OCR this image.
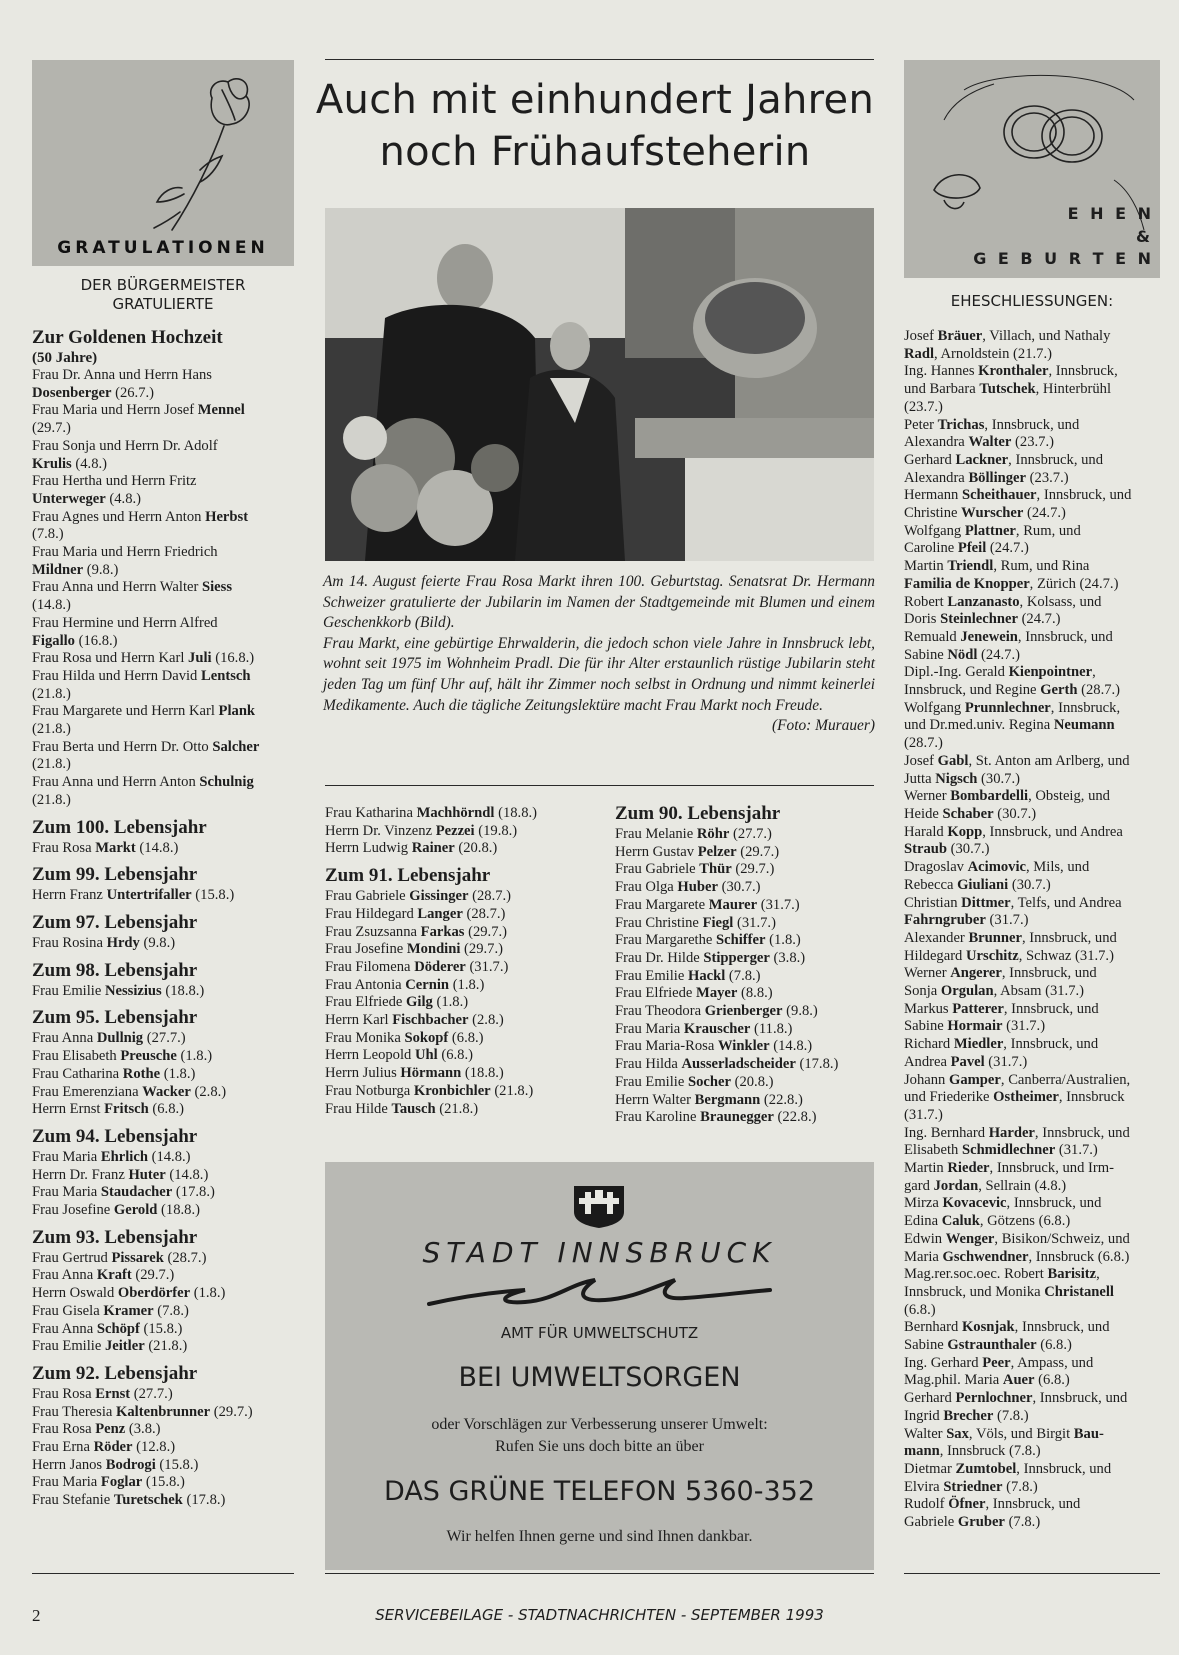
GRATULATIONEN
DER BÜRGERMEISTER
GRATULIERTE
E H E N
&
G E B U R T E N
EHESCHLIESSUNGEN:
Auch mit einhundert Jahren
noch Frühaufsteherin

Am 14. August feierte Frau Rosa Markt ihren 100. Geburtstag. Senatsrat Dr. Hermann Schweizer gratulierte der Jubilarin im Namen der Stadtgemeinde mit Blumen und einem Geschenkkorb (Bild).

Frau Markt, eine gebürtige Ehrwalderin, die jedoch schon viele Jahre in Innsbruck lebt, wohnt seit 1975 im Wohnheim Pradl. Die für ihr Alter erstaunlich rüstige Jubilarin steht jeden Tag um fünf Uhr auf, hält ihr Zimmer noch selbst in Ordnung und nimmt keinerlei Medikamente. Auch die tägliche Zeitungslektüre macht Frau Markt noch Freude.
(Foto: Murauer)

Zur Goldenen Hochzeit
(50 Jahre)
Frau Dr. Anna und Herrn Hans
Dosenberger (26.7.)
Frau Maria und Herrn Josef Mennel
(29.7.)
Frau Sonja und Herrn Dr. Adolf
Krulis (4.8.)
Frau Hertha und Herrn Fritz
Unterweger (4.8.)
Frau Agnes und Herrn Anton Herbst
(7.8.)
Frau Maria und Herrn Friedrich
Mildner (9.8.)
Frau Anna und Herrn Walter Siess
(14.8.)
Frau Hermine und Herrn Alfred
Figallo (16.8.)
Frau Rosa und Herrn Karl Juli (16.8.)
Frau Hilda und Herrn David Lentsch
(21.8.)
Frau Margarete und Herrn Karl Plank
(21.8.)
Frau Berta und Herrn Dr. Otto Salcher
(21.8.)
Frau Anna und Herrn Anton Schulnig
(21.8.)
Zum 100. Lebensjahr
Frau Rosa Markt (14.8.)
Zum 99. Lebensjahr
Herrn Franz Untertrifaller (15.8.)
Zum 97. Lebensjahr
Frau Rosina Hrdy (9.8.)
Zum 98. Lebensjahr
Frau Emilie Nessizius (18.8.)
Zum 95. Lebensjahr
Frau Anna Dullnig (27.7.)
Frau Elisabeth Preusche (1.8.)
Frau Catharina Rothe (1.8.)
Frau Emerenziana Wacker (2.8.)
Herrn Ernst Fritsch (6.8.)
Zum 94. Lebensjahr
Frau Maria Ehrlich (14.8.)
Herrn Dr. Franz Huter (14.8.)
Frau Maria Staudacher (17.8.)
Frau Josefine Gerold (18.8.)
Zum 93. Lebensjahr
Frau Gertrud Pissarek (28.7.)
Frau Anna Kraft (29.7.)
Herrn Oswald Oberdörfer (1.8.)
Frau Gisela Kramer (7.8.)
Frau Anna Schöpf (15.8.)
Frau Emilie Jeitler (21.8.)
Zum 92. Lebensjahr
Frau Rosa Ernst (27.7.)
Frau Theresia Kaltenbrunner (29.7.)
Frau Rosa Penz (3.8.)
Frau Erna Röder (12.8.)
Herrn Janos Bodrogi (15.8.)
Frau Maria Foglar (15.8.)
Frau Stefanie Turetschek (17.8.)
Frau Katharina Machhörndl (18.8.)
Herrn Dr. Vinzenz Pezzei (19.8.)
Herrn Ludwig Rainer (20.8.)
Zum 91. Lebensjahr
Frau Gabriele Gissinger (28.7.)
Frau Hildegard Langer (28.7.)
Frau Zsuzsanna Farkas (29.7.)
Frau Josefine Mondini (29.7.)
Frau Filomena Döderer (31.7.)
Frau Antonia Cernin (1.8.)
Frau Elfriede Gilg (1.8.)
Herrn Karl Fischbacher (2.8.)
Frau Monika Sokopf (6.8.)
Herrn Leopold Uhl (6.8.)
Herrn Julius Hörmann (18.8.)
Frau Notburga Kronbichler (21.8.)
Frau Hilde Tausch (21.8.)
Zum 90. Lebensjahr
Frau Melanie Röhr (27.7.)
Herrn Gustav Pelzer (29.7.)
Frau Gabriele Thür (29.7.)
Frau Olga Huber (30.7.)
Frau Margarete Maurer (31.7.)
Frau Christine Fiegl (31.7.)
Frau Margarethe Schiffer (1.8.)
Frau Dr. Hilde Stipperger (3.8.)
Frau Emilie Hackl (7.8.)
Frau Elfriede Mayer (8.8.)
Frau Theodora Grienberger (9.8.)
Frau Maria Krauscher (11.8.)
Frau Maria-Rosa Winkler (14.8.)
Frau Hilda Ausserladscheider (17.8.)
Frau Emilie Socher (20.8.)
Herrn Walter Bergmann (22.8.)
Frau Karoline Braunegger (22.8.)
Josef Bräuer, Villach, und Nathaly
Radl, Arnoldstein (21.7.)
Ing. Hannes Kronthaler, Innsbruck,
und Barbara Tutschek, Hinterbrühl
(23.7.)
Peter Trichas, Innsbruck, und
Alexandra Walter (23.7.)
Gerhard Lackner, Innsbruck, und
Alexandra Böllinger (23.7.)
Hermann Scheithauer, Innsbruck, und
Christine Wurscher (24.7.)
Wolfgang Plattner, Rum, und
Caroline Pfeil (24.7.)
Martin Triendl, Rum, und Rina
Familia de Knopper, Zürich (24.7.)
Robert Lanzanasto, Kolsass, und
Doris Steinlechner (24.7.)
Remuald Jenewein, Innsbruck, und
Sabine Nödl (24.7.)
Dipl.-Ing. Gerald Kienpointner,
Innsbruck, und Regine Gerth (28.7.)
Wolfgang Prunnlechner, Innsbruck,
und Dr.med.univ. Regina Neumann
(28.7.)
Josef Gabl, St. Anton am Arlberg, und
Jutta Nigsch (30.7.)
Werner Bombardelli, Obsteig, und
Heide Schaber (30.7.)
Harald Kopp, Innsbruck, und Andrea
Straub (30.7.)
Dragoslav Acimovic, Mils, und
Rebecca Giuliani (30.7.)
Christian Dittmer, Telfs, und Andrea
Fahrngruber (31.7.)
Alexander Brunner, Innsbruck, und
Hildegard Urschitz, Schwaz (31.7.)
Werner Angerer, Innsbruck, und
Sonja Orgulan, Absam (31.7.)
Markus Patterer, Innsbruck, und
Sabine Hormair (31.7.)
Richard Miedler, Innsbruck, und
Andrea Pavel (31.7.)
Johann Gamper, Canberra/Australien,
und Friederike Ostheimer, Innsbruck
(31.7.)
Ing. Bernhard Harder, Innsbruck, und
Elisabeth Schmidlechner (31.7.)
Martin Rieder, Innsbruck, und Irm-
gard Jordan, Sellrain (4.8.)
Mirza Kovacevic, Innsbruck, und
Edina Caluk, Götzens (6.8.)
Edwin Wenger, Bisikon/Schweiz, und
Maria Gschwendner, Innsbruck (6.8.)
Mag.rer.soc.oec. Robert Barisitz,
Innsbruck, und Monika Christanell
(6.8.)
Bernhard Kosnjak, Innsbruck, und
Sabine Gstraunthaler (6.8.)
Ing. Gerhard Peer, Ampass, und
Mag.phil. Maria Auer (6.8.)
Gerhard Pernlochner, Innsbruck, und
Ingrid Brecher (7.8.)
Walter Sax, Völs, und Birgit Bau-
mann, Innsbruck (7.8.)
Dietmar Zumtobel, Innsbruck, und
Elvira Striedner (7.8.)
Rudolf Öfner, Innsbruck, und
Gabriele Gruber (7.8.)
STADT INNSBRUCK
AMT FÜR UMWELTSCHUTZ
BEI UMWELTSORGEN
oder Vorschlägen zur Verbesserung unserer Umwelt:
Rufen Sie uns doch bitte an über
DAS GRÜNE TELEFON 5360-352
Wir helfen Ihnen gerne und sind Ihnen dankbar.
2	SERVICEBEILAGE - STADTNACHRICHTEN - SEPTEMBER 1993
